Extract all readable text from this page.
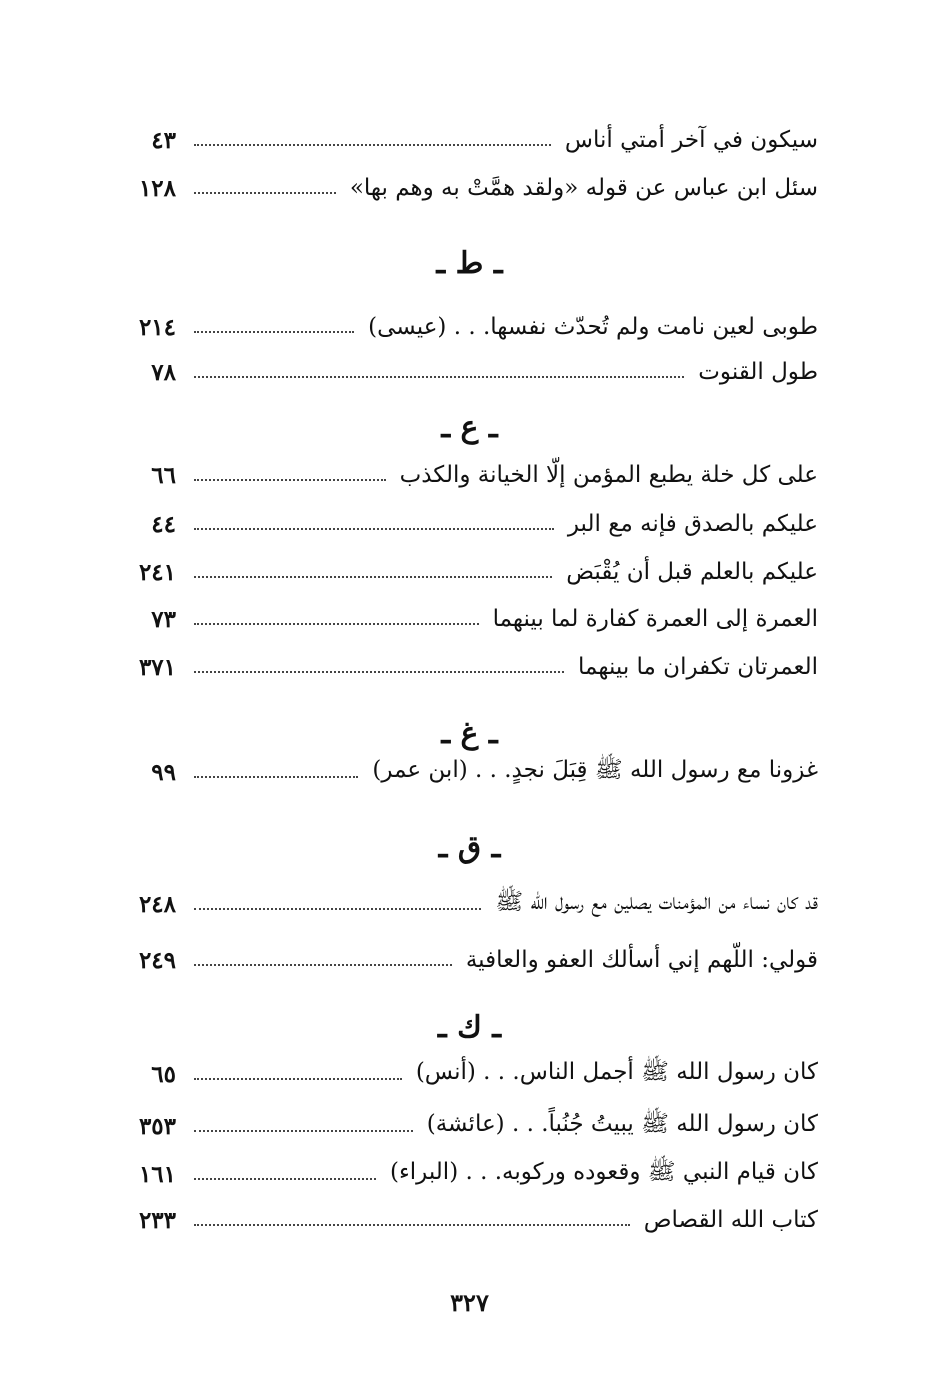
سيكون في آخر أمتي أناس
٤٣
سئل ابن عباس عن قوله «ولقد همَّتْ به وهم بها»
١٢٨
ـ ط ـ
طوبى لعين نامت ولم تُحدّث نفسها. . . (عيسى)
٢١٤
طول القنوت
٧٨
ـ ع ـ
على كل خلة يطبع المؤمن إلّا الخيانة والكذب
٦٦
عليكم بالصدق فإنه مع البر
٤٤
عليكم بالعلم قبل أن يُقْبَض
٢٤١
العمرة إلى العمرة كفارة لما بينهما
٧٣
العمرتان تكفران ما بينهما
٣٧١
ـ غ ـ
غزونا مع رسول الله ﷺ قِبَلَ نجدٍ. . . (ابن عمر)
٩٩
ـ ق ـ
قد كان نساء من المؤمنات يصلين مع رسول الله ﷺ
٢٤٨
قولي: اللّهم إني أسألك العفو والعافية
٢٤٩
ـ ك ـ
كان رسول الله ﷺ أجمل الناس. . . (أنس)
٦٥
كان رسول الله ﷺ يبيتُ جُنُباً. . . (عائشة)
٣٥٣
كان قيام النبي ﷺ وقعوده وركوبه. . . (البراء)
١٦١
كتاب الله القصاص
٢٣٣
٣٢٧
